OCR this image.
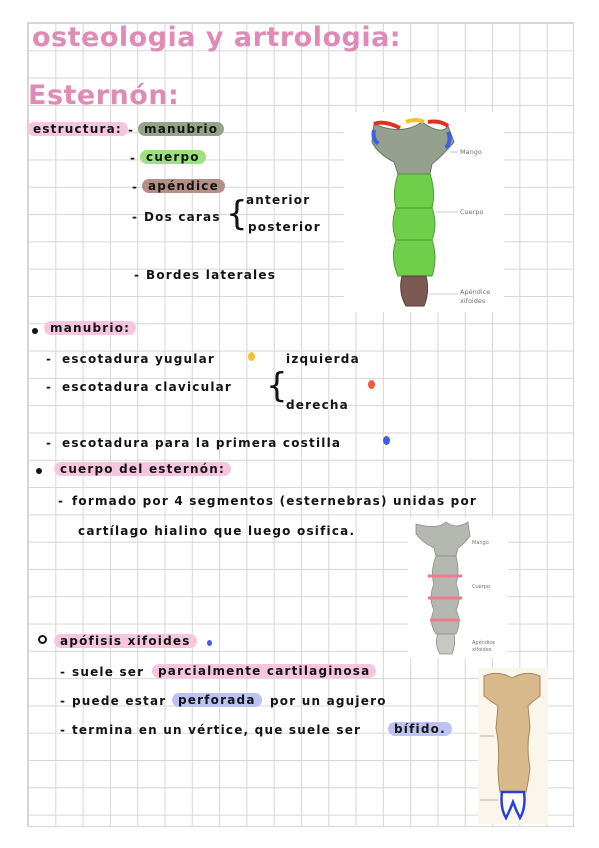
osteologia y artrologia:
Esternón:
estructura: - manubrio
- cuerpo
- apéndice
- Dos caras {
anterior
posterior
- Bordes laterales
Mango
Cuerpo
Apéndice
xifoides
manubrio:
- escotadura yugular	izquierda
- escotadura clavicular {
derecha
- escotadura para la primera costilla
cuerpo del esternón:
- formado por 4 segmentos (esternebras) unidas por
cartílago hialino que luego osifica.
Mango
Cuerpo
Apéndice
xifoides
apófisis xifoides
- suele ser	parcialmente cartilaginosa
- puede estar perforada	por un agujero
- termina en un vértice, que suele ser	bífido.
